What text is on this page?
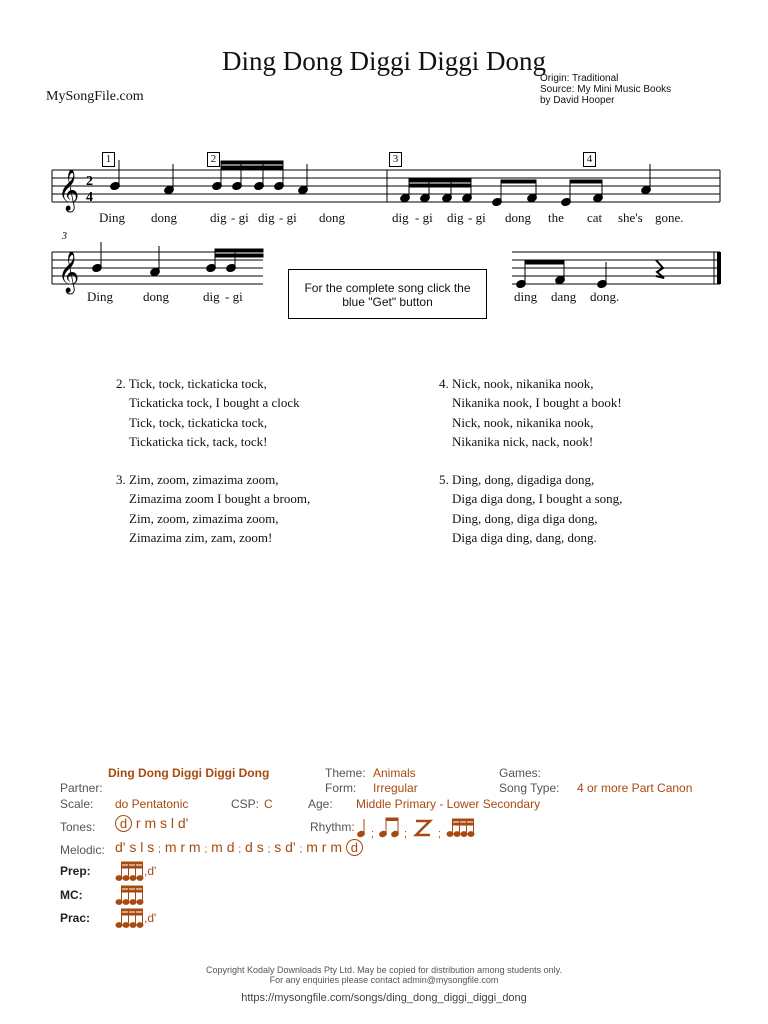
Ding Dong Diggi Diggi Dong
MySongFile.com
Origin: Traditional
Source: My Mini Music Books
by David Hooper
𝄞 2
4
𝄞
3
1	2	3	4
Ding dong	dig - gi dig - gi dong	dig - gi dig - gi dong the cat she's gone.
Ding dong	dig - gi	ding dang dong.
For the complete song click the
blue "Get" button
2. Tick, tock, tickaticka tock,
Tickaticka tock, I bought a clock
Tick, tock, tickaticka tock,
Tickaticka tick, tack, tock!
3. Zim, zoom, zimazima zoom,
Zimazima zoom I bought a broom,
Zim, zoom, zimazima zoom,
Zimazima zim, zam, zoom!
4. Nick, nook, nikanika nook,
Nikanika nook, I bought a book!
Nick, nook, nikanika nook,
Nikanika nick, nack, nook!
5. Ding, dong, digadiga dong,
Diga diga dong, I bought a song,
Ding, dong, diga diga dong,
Diga diga ding, dang, dong.
Ding Dong Diggi Diggi Dong	Theme: Animals	Games:
Partner:	Form: Irregular	Song Type: 4 or more Part Canon
Scale: do Pentatonic	CSP: C	Age: Middle Primary - Lower Secondary
Tones:	d r m s l d'	Rhythm: ;	;	;
Melodic: d' s l s ; m r m ; m d ; d s ; s d' ; m r m d
Prep:	,d'
MC:
Prac:	,d'
Copyright Kodaly Downloads Pty Ltd. May be copied for distribution among students only.
For any enquiries please contact admin@mysongfile.com
https://mysongfile.com/songs/ding_dong_diggi_diggi_dong
